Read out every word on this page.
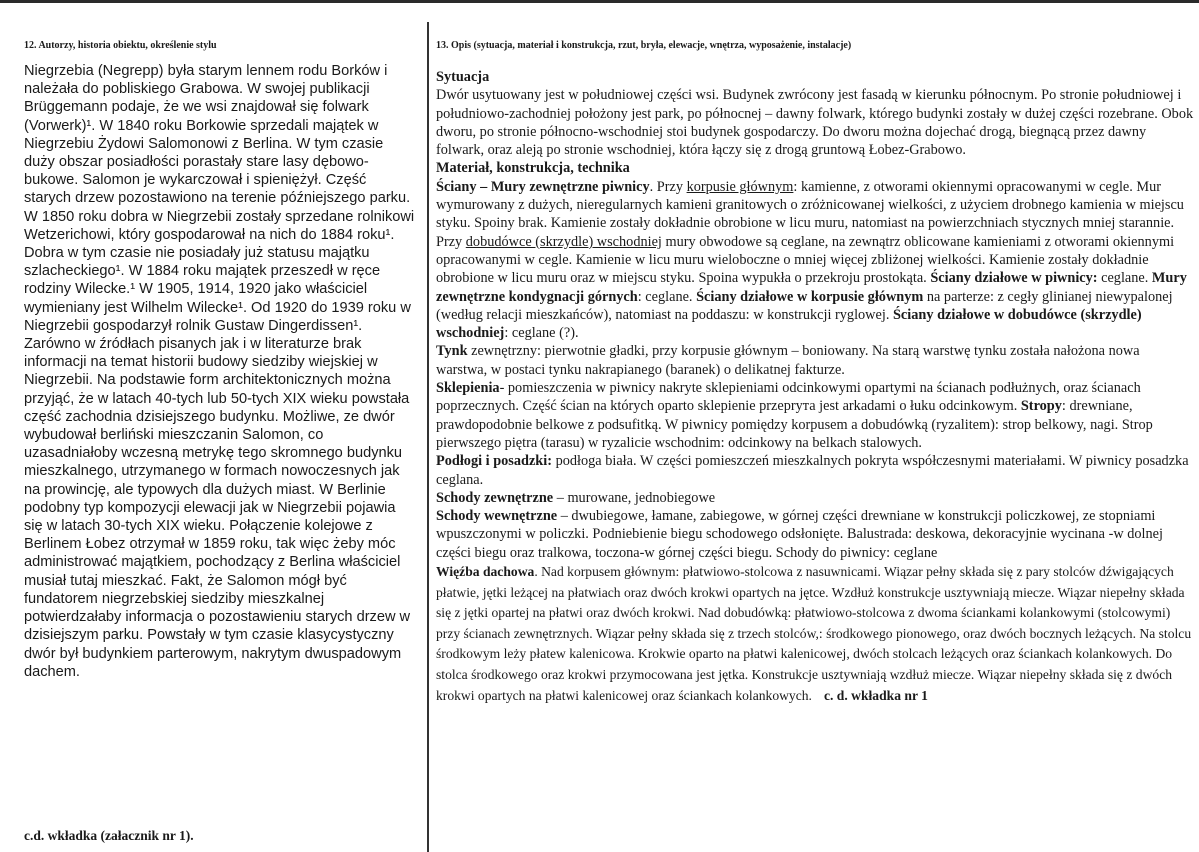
12. Autorzy, historia obiektu, określenie stylu

Niegrzebia (Negrepp) była starym lennem rodu Borków i należała do pobliskiego Grabowa. W swojej publikacji Brüggemann podaje, że we wsi znajdował się folwark (Vorwerk)¹. W 1840 roku Borkowie sprzedali majątek w Niegrzebiu Żydowi Salomonowi z Berlina. W tym czasie duży obszar posiadłości porastały stare lasy dębowo-bukowe. Salomon je wykarczował i spieniężył. Część starych drzew pozostawiono na terenie późniejszego parku. W 1850 roku dobra w Niegrzebii zostały sprzedane rolnikowi Wetzerichowi, który gospodarował na nich do 1884 roku¹. Dobra w tym czasie nie posiadały już statusu majątku szlacheckiego¹. W 1884 roku majątek przeszedł w ręce rodziny Wilecke.¹ W 1905, 1914, 1920 jako właściciel wymieniany jest Wilhelm Wilecke¹. Od 1920 do 1939 roku w Niegrzebii gospodarzył rolnik Gustaw Dingerdissen¹.

Zarówno w źródłach pisanych jak i w literaturze brak informacji na temat historii budowy siedziby wiejskiej w Niegrzebii. Na podstawie form architektonicznych można przyjąć, że w latach 40-tych lub 50-tych XIX wieku powstała część zachodnia dzisiejszego budynku. Możliwe, ze dwór wybudował berliński mieszczanin Salomon, co uzasadniałoby wczesną metrykę tego skromnego budynku mieszkalnego, utrzymanego w formach nowoczesnych jak na prowincję, ale typowych dla dużych miast. W Berlinie podobny typ kompozycji elewacji jak w Niegrzebii pojawia się w latach 30-tych XIX wieku. Połączenie kolejowe z Berlinem Łobez otrzymał w 1859 roku, tak więc żeby móc administrować majątkiem, pochodzący z Berlina właściciel musiał tutaj mieszkać. Fakt, że Salomon mógł być fundatorem niegrzebskiej siedziby mieszkalnej potwierdzałaby informacja o pozostawieniu starych drzew w dzisiejszym parku. Powstały w tym czasie klasycystyczny dwór był budynkiem parterowym, nakrytym dwuspadowym dachem.

c.d. wkładka (załacznik nr 1).
13. Opis (sytuacja, materiał i konstrukcja, rzut, bryła, elewacje, wnętrza, wyposażenie, instalacje)

Sytuacja

Dwór usytuowany jest w południowej części wsi. Budynek zwrócony jest fasadą w kierunku północnym. Po stronie południowej i południowo-zachodniej położony jest park, po północnej – dawny folwark, którego budynki zostały w dużej części rozebrane. Obok dworu, po stronie północno-wschodniej stoi budynek gospodarczy. Do dworu można dojechać drogą, biegnącą przez dawny folwark, oraz aleją po stronie wschodniej, która łączy się z drogą gruntową Łobez-Grabowo.

Materiał, konstrukcja, technika

Ściany – Mury zewnętrzne piwnicy. Przy korpusie głównym: kamienne, z otworami okiennymi opracowanymi w cegle. Mur wymurowany z dużych, nieregularnych kamieni granitowych o zróżnicowanej wielkości, z użyciem drobnego kamienia w miejscu styku. Spoiny brak. Kamienie zostały dokładnie obrobione w licu muru, natomiast na powierzchniach stycznych mniej starannie. Przy dobudówce (skrzydle) wschodniej mury obwodowe są ceglane, na zewnątrz oblicowane kamieniami z otworami okiennymi opracowanymi w cegle. Kamienie w licu muru wieloboczne o mniej więcej zbliżonej wielkości. Kamienie zostały dokładnie obrobione w licu muru oraz w miejscu styku. Spoina wypukła o przekroju prostokąta. Ściany działowe w piwnicy: ceglane. Mury zewnętrzne kondygnacji górnych: ceglane. Ściany działowe w korpusie głównym na parterze: z cegły glinianej niewypalonej (według relacji mieszkańców), natomiast na poddaszu: w konstrukcji ryglowej. Ściany działowe w dobudówce (skrzydle) wschodniej: ceglane (?).

Tynk zewnętrzny: pierwotnie gładki, przy korpusie głównym – boniowany. Na starą warstwę tynku została nałożona nowa warstwa, w postaci tynku nakrapianego (baranek) o delikatnej fakturze.

Sklepienia- pomieszczenia w piwnicy nakryte sklepieniami odcinkowymi opartymi na ścianach podłużnych, oraz ścianach poprzecznych. Część ścian na których oparto sklepienie przeprута jest arkadami o łuku odcinkowym. Stropy: drewniane, prawdopodobnie belkowe z podsufitką. W piwnicy pomiędzy korpusem a dobudówką (ryzalitem): strop belkowy, nagi. Strop pierwszego piętra (tarasu) w ryzalicie wschodnim: odcinkowy na belkach stalowych.

Podłogi i posadzki: podłoga biała. W części pomieszczeń mieszkalnych pokryta współczesnymi materiałami. W piwnicy posadzka ceglana.

Schody zewnętrzne – murowane, jednobiegowe

Schody wewnętrzne – dwubiegowe, łamane, zabiegowe, w górnej części drewniane w konstrukcji policzkowej, ze stopniami wpuszczonymi w policzki. Podniebienie biegu schodowego odsłonięte. Balustrada: deskowa, dekoracyjnie wycinana -w dolnej części biegu oraz tralkowa, toczona-w górnej części biegu. Schody do piwnicy: ceglane

Więźba dachowa. Nad korpusem głównym: płatwiowo-stolcowa z nasuwnicami. Wiązar pełny składa się z pary stolców dźwigających płatwie, jętki leżącej na płatwiach oraz dwóch krokwi opartych na jętce. Wzdłuż konstrukcje usztywniają miecze. Wiązar niepełny składa się z jętki opartej na płatwi oraz dwóch krokwi. Nad dobudówką: płatwiowo-stolcowa z dwoma ściankami kolankowymi (stolcowymi) przy ścianach zewnętrznych. Wiązar pełny składa się z trzech stolców,: środkowego pionowego, oraz dwóch bocznych leżących. Na stolcu środkowym leży płatew kalenicowa. Krokwie oparto na płatwi kalenicowej, dwóch stolcach leżących oraz ściankach kolankowych. Do stolca środkowego oraz krokwi przymocowana jest jętka. Konstrukcje usztywniają wzdłuż miecze. Wiązar niepełny składa się z dwóch krokwi opartych na płatwi kalenicowej oraz ściankach kolankowych. c. d. wkładka nr 1
